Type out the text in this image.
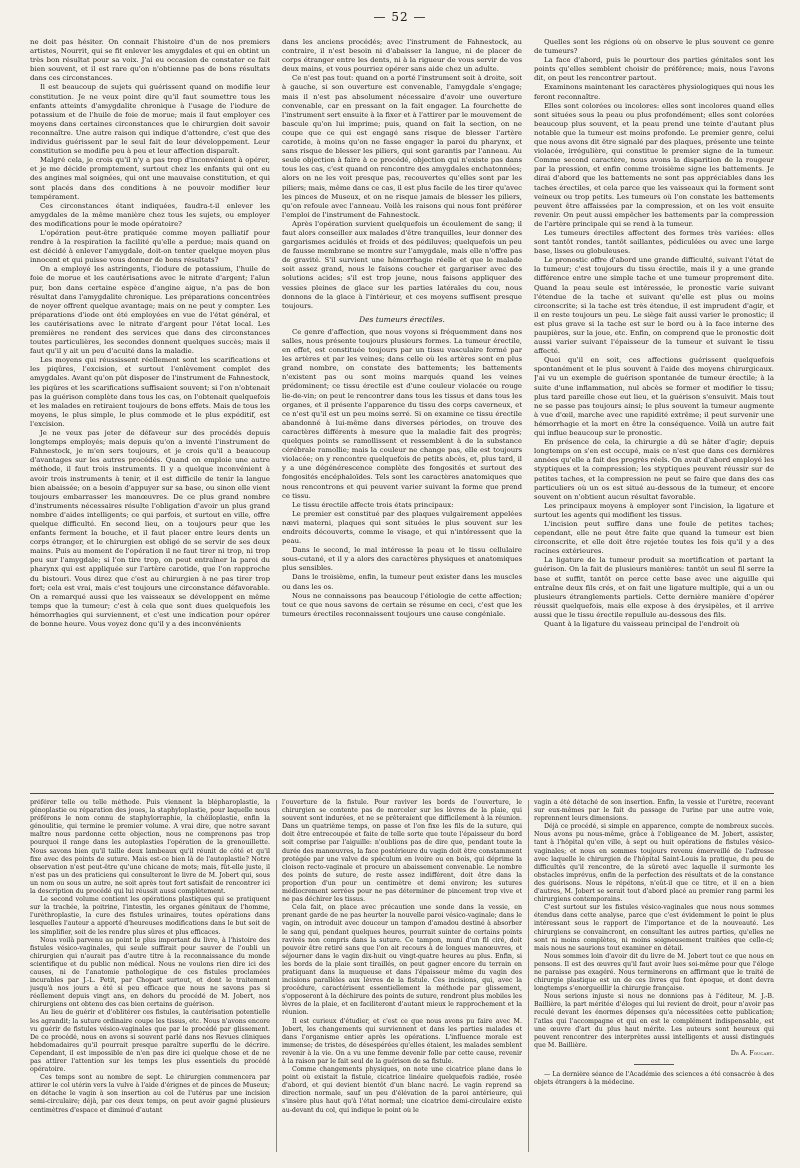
— 52 —

ne doit pas hésiter. On connait l'histoire d'un de nos premiers artistes, Nourrit, qui se fit enlever les amygdales et qui en obtint un très bon résultat pour sa voix. J'ai eu occasion de constater ce fait bien souvent, et il est rare qu'on n'obtienne pas de bons résultats dans ces circonstances.

Il est beaucoup de sujets qui guérissent quand on modifie leur constitution. Je ne veux point dire qu'il faut soumettre tous les enfants atteints d'amygdalite chronique à l'usage de l'iodure de potassium et de l'huile de foie de morue; mais il faut employer ces moyens dans certaines circonstances que le chirurgien doit savoir reconnaître. Une autre raison qui indique d'attendre, c'est que des individus guérissent par le seul fait de leur développement. Leur constitution se modifie peu à peu et leur affection disparaît.

Malgré cela, je crois qu'il n'y a pas trop d'inconvénient à opérer, et je me décide promptement, surtout chez les enfants qui ont eu des angines mal soignées, qui ont une mauvaise constitution, et qui sont placés dans des conditions à ne pouvoir modifier leur tempérament.

Ces circonstances étant indiquées, faudra-t-il enlever les amygdales de la même manière chez tous les sujets, ou employer des modifications pour le mode opératoire?

L'opération peut-être pratiquée comme moyen palliatif pour rendre à la respiration la facilité qu'elle a perdue; mais quand on est décidé à enlever l'amygdale, doit-on tenter quelque moyen plus innocent et qui puisse vous donner de bons résultats?

On a employé les astringents, l'iodure de potassium, l'huile de foie de morue et les cautérisations avec le nitrate d'argent; l'alun pur, bon dans certaine espèce d'angine aigue, n'a pas de bon résultat dans l'amygdalite chronique. Les préparations concentrées de noyer offrent quelque avantage; mais on ne peut y compter. Les préparations d'iode ont été employées en vue de l'état général, et les cautérisations avec le nitrate d'argent pour l'état local. Les premières ne rendent des services que dans des circonstances toutes particulières, les secondes donnent quelques succès; mais il faut qu'il y ait un peu d'acuité dans la maladie.

Les moyens qui réussissent réellement sont les scarifications et les piqûres, l'excision, et surtout l'enlèvement complet des amygdales. Avant qu'on pût disposer de l'instrument de Fahnestock, les piqûres et les scarifications suffisaient souvent; si l'on n'obtenait pas la guérison complète dans tous les cas, on l'obtenait quelquefois et les malades en retiraient toujours de bons effets. Mais de tous les moyens, le plus simple, le plus commode et le plus expéditif, est l'excision.

Je ne veux pas jeter de défaveur sur des procédés depuis longtemps employés; mais depuis qu'on a inventé l'instrument de Fahnestock, je m'en sers toujours, et je crois qu'il a beaucoup d'avantages sur les autres procédés. Quand on emploie une autre méthode, il faut trois instruments. Il y a quelque inconvénient à avoir trois instruments à tenir, et il est difficile de tenir la langue bien abaissée; on a besoin d'appuyer sur sa base, ou sinon elle vient toujours embarrasser les manœuvres. De ce plus grand nombre d'instruments nécessaires résulte l'obligation d'avoir un plus grand nombre d'aides intelligents; ce qui parfois, et surtout en ville, offre quelque difficulté. En second lieu, on a toujours peur que les enfants ferment la bouche, et il faut placer entre leurs dents un corps étranger, et le chirurgien est obligé de se servir de ses deux mains. Puis au moment de l'opération il ne faut tirer ni trop, ni trop peu sur l'amygdale; si l'on tire trop, on peut entraîner la paroi du pharynx qui est appliquée sur l'artère carotide, que l'on rapproche du bistouri. Vous direz que c'est au chirurgien à ne pas tirer trop fort; cela est vrai, mais c'est toujours une circonstance défavorable. On a remarqué aussi que les vaisseaux se développent en même temps que la tumeur; c'est à cela que sont dues quelquefois les hémorrhagies qui surviennent, et c'est une indication pour opérer de bonne heure. Vous voyez donc qu'il y a des inconvénients

dans les anciens procédés; avec l'instrument de Fahnestock, au contraire, il n'est besoin ni d'abaisser la langue, ni de placer de corps étranger entre les dents, ni à la rigueur de vous servir de vos deux mains, et vous pourriez opérer sans aide chez un adulte.

Ce n'est pas tout: quand on a porté l'instrument soit à droite, soit à gauche, si son ouverture est convenable, l'amygdale s'engage; mais il n'est pas absolument nécessaire d'avoir une ouverture convenable, car en pressant on la fait engager. La fourchette de l'instrument sert ensuite à la fixer et à l'attirer par le mouvement de bascule qu'on lui imprime; puis, quand on fait la section, on ne coupe que ce qui est engagé sans risque de blesser l'artère carotide, à moins qu'on ne fasse engager la paroi du pharynx, et sans risque de blesser les piliers, qui sont garantis par l'anneau. Au seule objection à faire à ce procédé, objection qui n'existe pas dans tous les cas, c'est quand on rencontre des amygdales enchatonnées; alors on ne les voit presque pas, recouvertes qu'elles sont par les piliers; mais, même dans ce cas, il est plus facile de les tirer qu'avec les pinces de Museux, et on ne risque jamais de blesser les piliers, qu'on refoule avec l'anneau. Voilà les raisons qui nous font préférer l'emploi de l'instrument de Fahnestock.

Après l'opération survient quelquefois un écoulement de sang; il faut alors conseiller aux malades d'être tranquilles, leur donner des gargarismes acidulés et froids et des pédiluves; quelquefois un peu de fausse membrane se montre sur l'amygdale, mais elle n'offre pas de gravité. S'il survient une hémorrhagie réelle et que le malade soit assez grand, nous le faisons coucher et gargariser avec des solutions acides; s'il est trop jeune, nous faisons appliquer des vessies pleines de glace sur les parties latérales du cou, nous donnons de la glace à l'intérieur, et ces moyens suffisent presque toujours.

Des tumeurs érectiles.

Ce genre d'affection, que nous voyons si fréquemment dans nos salles, nous présente toujours plusieurs formes. La tumeur érectile, en effet, est constituée toujours par un tissu vasculaire formé par les artères et par les veines; dans celle où les artères sont en plus grand nombre, on constate des battements; les battements n'existent pas ou sont moins marqués quand les veines prédominent; ce tissu érectile est d'une couleur violacée ou rouge lie-de-vin; on peut le rencontrer dans tous les tissus et dans tous les organes, et il présente l'apparence du tissu des corps caverneux, et ce n'est qu'il est un peu moins serré. Si on examine ce tissu érectile abandonné à lui-même dans diverses périodes, on trouve des caractères différents à mesure que la maladie fait des progrès; quelques points se ramollissent et ressemblent à de la substance cérébrale ramollie; mais la couleur ne change pas, elle est toujours violacée; on y rencontre quelquefois de petits abcès, et, plus tard, il y a une dégénérescence complète des fongosités et surtout des fongosités encéphaloïdes. Tels sont les caractères anatomiques que nous rencontrons et qui peuvent varier suivant la forme que prend ce tissu.

Le tissu érectile affecte trois états principaux:

Le premier est constitué par des plaques vulgairement appelées nævi materni, plaques qui sont situées le plus souvent sur les endroits découverts, comme le visage, et qui n'intéressent que la peau.

Dans le second, le mal intéresse la peau et le tissu cellulaire sous-cutané, et il y a alors des caractères physiques et anatomiques plus sensibles.

Dans le troisième, enfin, la tumeur peut exister dans les muscles ou dans les os.

Nous ne connaissons pas beaucoup l'étiologie de cette affection; tout ce que nous savons de certain se résume en ceci, c'est que les tumeurs érectiles reconnaissent toujours une cause congéniale.

Quelles sont les régions où on observe le plus souvent ce genre de tumeurs?

La face d'abord, puis le pourtour des parties génitales sont les points qu'elles semblent choisir de préférence; mais, nous l'avons dit, on peut les rencontrer partout.

Examinons maintenant les caractères physiologiques qui nous les feront reconnaître.

Elles sont colorées ou incolores: elles sont incolores quand elles sont situées sous la peau ou plus profondément; elles sont colorées beaucoup plus souvent, et la peau prend une teinte d'autant plus notable que la tumeur est moins profonde. Le premier genre, celui que nous avons dit être signalé par des plaques, présente une teinte violacée, irrégulière, qui constitue le premier signe de la tumeur. Comme second caractère, nous avons la disparition de la rougeur par la pression, et enfin comme troisième signe les battements. Je dirai d'abord que les battements ne sont pas appréciables dans les taches érectiles, et cela parce que les vaisseaux qui la forment sont veineux ou trop petits. Les tumeurs où l'on constate les battements peuvent être affaissées par la compression, et on les voit ensuite revenir. On peut aussi empêcher les battements par la compression de l'artère principale qui se rend à la tumeur.

Les tumeurs érectiles affectent des formes très variées: elles sont tantôt rondes, tantôt saillantes, pédiculées ou avec une large base, lisses ou globuleuses.

Le pronostic offre d'abord une grande difficulté, suivant l'état de la tumeur; c'est toujours du tissu érectile, mais il y a une grande différence entre une simple tache et une tumeur proprement dite. Quand la peau seule est intéressée, le pronostic varie suivant l'étendue de la tache et suivant qu'elle est plus ou moins circonscrite; si la tache est très étendue, il est imprudent d'agir, et il en reste toujours un peu. Le siège fait aussi varier le pronostic; il est plus grave si la tache est sur le bord ou à la face interne des paupières, sur la joue, etc. Enfin, on comprend que le pronostic doit aussi varier suivant l'épaisseur de la tumeur et suivant le tissu affecté.

Quoi qu'il en soit, ces affections guérissent quelquefois spontanément et le plus souvent à l'aide des moyens chirurgicaux. J'ai vu un exemple de guérison spontanée de tumeur érectile; à la suite d'une inflammation, nul abcès se former et modifier le tissu; plus tard pareille chose eut lieu, et la guérison s'ensuivit. Mais tout ne se passe pas toujours ainsi; le plus souvent la tumeur augmente à vue d'œil, marche avec une rapidité extrême; il peut survenir une hémorrhagie et la mort en être la conséquence. Voilà un autre fait qui influe beaucoup sur le pronostic.

En présence de cela, la chirurgie a dû se hâter d'agir; depuis longtemps on s'en est occupé, mais ce n'est que dans ces dernières années qu'elle a fait des progrès réels. On avait d'abord employé les styptiques et la compression; les styptiques peuvent réussir sur de petites taches, et la compression ne peut se faire que dans des cas particuliers où un os est situé au-dessous de la tumeur, et encore souvent on n'obtient aucun résultat favorable.

Les principaux moyens à employer sont l'incision, la ligature et surtout les agents qui modifient les tissus.

L'incision peut suffire dans une foule de petites taches; cependant, elle ne peut être faite que quand la tumeur est bien circonscrite, et elle doit être rejetée toutes les fois qu'il y a des racines extérieures.

La ligature de la tumeur produit sa mortification et partant la guérison. On la fait de plusieurs manières: tantôt un seul fil serre la base et suffit, tantôt on perce cette base avec une aiguille qui entraîne deux fils crés, et on fait une ligature multiple, qui a un ou plusieurs étranglements partiels. Cette dernière manière d'opérer réussit quelquefois, mais elle expose à des érysipèles, et il arrive aussi que le tissu érectile repullule au-dessous des fils.

Quant à la ligature du vaisseau principal de l'endroit où

préférer telle ou telle méthode. Puis viennent la blépharoplastie, la génoplastie ou réparation des joues, la staphyloplastie, pour laquelle nous préférons le nom connu de staphylorraphie, la chéiloplastie, enfin la génoulitie, qui termine le premier volume. A vrai dire, que notre savant maître nous pardonne cette objection, nous ne comprenons pas trop pourquoi il range dans les autoplasties l'opération de la grenouillette. Nous savons bien qu'il taille deux lambeaux qu'il réunit de côté et qu'il fixe avec des points de suture. Mais est-ce bien là de l'autoplastie? Notre observation n'est peut-être qu'une chicane de mots; mais, fût-elle juste, il n'est pas un des praticiens qui consulteront le livre de M. Jobert qui, sous un nom ou sous un autre, ne soit après tout fort satisfait de rencontrer ici la description du procédé qui lui réussit aussi complètement.

Le second volume contient les opérations plastiques qui se pratiquent sur la trachée, la poitrine, l'intestin, les organes génitaux de l'homme, l'urèthroplastie, la cure des fistules urinaires, toutes opérations dans lesquelles l'auteur a apporté d'heureuses modifications dans le but soit de les simplifier, soit de les rendre plus sûres et plus efficaces.

Nous voilà parvenu au point le plus important du livre, à l'histoire des fistules vésico-vaginales, qui seule suffirait pour sauver de l'oubli un chirurgien qui n'aurait pas d'autre titre à la reconnaissance du monde scientifique et du public non médical. Nous ne voulons rien dire ici des causes, ni de l'anatomie pathologique de ces fistules proclamées incurables par J.-L. Petit, par Chopart surtout, et dont le traitement jusqu'à nos jours a été si peu efficace que nous ne savons pas si réellement depuis vingt ans, en dehors du procédé de M. Jobert, nos chirurgiens ont obtenu des cas bien certains de guérison.

Au lieu de guérir et d'oblitérer ces fistules, la cautérisation potentielle les agrandit; la suture ordinaire coupe les tissus, etc. Nous n'avons encore vu guérir de fistules vésico-vaginales que par le procédé par glissement. De ce procédé, nous en avons si souvent parlé dans nos Revues cliniques hebdomadaires qu'il pourrait presque paraître superflu de le décrire. Cependant, il est impossible de n'en pas dire ici quelque chose et de ne pas attirer l'attention sur les temps les plus essentiels du procédé opératoire.

Ces temps sont au nombre de sept. Le chirurgien commencera par attirer le col utérin vers la vulve à l'aide d'érignes et de pinces de Museux; en détache le vagin à son insertion au col de l'utérus par une incision semi-circulaire; déjà, par ces deux temps, on peut avoir gagné plusieurs centimètres d'espace et diminué d'autant

l'ouverture de la fistule. Pour raviver les bords de l'ouverture, le chirurgien se contente pas de morceler sur les lèvres de la plaie, qui souvent sont indurées, et ne se prêteraient que difficilement à la réunion. Dans un quatrième temps, on passe et l'on fixe les fils de la suture, qui doit être entrecoupée et faite de telle sorte que toute l'épaisseur du bord soit comprise par l'aiguille: n'oublions pas de dire que, pendant toute la durée des manœuvres, la face postérieure du vagin doit être constamment protégée par une valve de spéculum en ivoire ou en bois, qui déprime la cloison recto-vaginale et procure un abaissement convenable. Le nombre des points de suture, de reste assez indifférent, doit être dans la proportion d'un pour un centimètre et demi environ; les sutures médiocrement serrées pour ne pas déterminer de pincement trop vive et ne pas déchirer les tissus.

Cela fait, on place avec précaution une sonde dans la vessie, en prenant garde de ne pas heurter la nouvelle paroi vésico-vaginale; dans le vagin, on introduit avec douceur un tampon d'amadou destiné à absorber le sang qui, pendant quelques heures, pourrait suinter de certains points ravivés non compris dans la suture. Ce tampon, muni d'un fil ciré, doit pouvoir être retiré sans que l'on ait recours à de longues manœuvres, et séjourner dans le vagin dix-huit ou vingt-quatre heures au plus. Enfin, si les bords de la plaie sont tiraillés, on peut gagner encore du terrain en pratiquant dans la muqueuse et dans l'épaisseur même du vagin des incisions parallèles aux lèvres de la fistule. Ces incisions, qui, avec la procédure, caractérisent essentiellement la méthode par glissement, s'opposeront à la déchirure des points de suture, rendront plus mobiles les lèvres de la plaie, et en faciliteront d'autant mieux le rapprochement et la réunion.

Il est curieux d'étudier, et c'est ce que nous avons pu faire avec M. Jobert, les changements qui surviennent et dans les parties malades et dans l'organisme entier après les opérations. L'influence morale est immense; de tristes, de désespérées qu'elles étaient, les malades semblent revenir à la vie. On a vu une femme devenir folle par cette cause, revenir à la raison par le fait seul de la guérison de sa fistule.

Comme changements physiques, on note une cicatrice plane dans le point où existait la fistule, cicatrice linéaire quelquefois radiée, rosée d'abord, et qui devient bientôt d'un blanc nacré. Le vagin reprend sa direction normale, sauf un peu d'élévation de la paroi antérieure, qui s'insère plus haut qu'à l'état normal; une cicatrice demi-circulaire existe au-devant du col, qui indique le point où le

vagin a été détaché de son insertion. Enfin, la vessie et l'urètre, recevant sur eux-mêmes par le fait du passage de l'urine par une autre voie, reprennent leurs dimensions.

Déjà ce procédé, si simple en apparence, compte de nombreux succès. Nous avons pu nous-même, grâce à l'obligeance de M. Jobert, assister, tant à l'hôpital qu'en ville, à sept ou huit opérations de fistules vésico-vaginales; et nous en sommes toujours revenu émerveillé de l'adresse avec laquelle le chirurgien de l'hôpital Saint-Louis la pratique, du peu de difficultés qu'il rencontre, de la sûreté avec laquelle il surmonte les obstacles imprévus, enfin de la perfection des résultats et de la constance des guérisons. Nous le répétons, n'eût-il que ce titre, et il en a bien d'autres, M. Jobert se serait tout d'abord placé au premier rang parmi les chirurgiens contemporains.

C'est surtout sur les fistules vésico-vaginales que nous nous sommes étendus dans cette analyse, parce que c'est évidemment le point le plus intéressant sous le rapport de l'importance et de la nouveauté. Les chirurgiens se convaincront, en consultant les autres parties, qu'elles ne sont ni moins complètes, ni moins soigneusement traitées que celle-ci; mais nous ne saurions tout examiner en détail.

Nous sommes loin d'avoir dit du livre de M. Jobert tout ce que nous en pensons. Il est des œuvres qu'il faut avoir lues soi-même pour que l'éloge ne paraisse pas exagéré. Nous terminerons en affirmant que le traité de chirurgie plastique est un de ces livres qui font époque, et dont devra longtemps s'enorgueillir la chirurgie française.

Nous serions injuste si nous ne donnions pas à l'éditeur, M. J.-B. Baillière, la part méritée d'éloges qui lui revient de droit, pour n'avoir pas reculé devant les énormes dépenses qu'a nécessitées cette publication; l'atlas qui l'accompagne et qui en est le complément indispensable, est une œuvre d'art du plus haut mérite. Les auteurs sont heureux qui peuvent rencontrer des interprètes aussi intelligents et aussi distingués que M. Baillière.

Dr A. Foucart.

— La dernière séance de l'Académie des sciences a été consacrée à des objets étrangers à la médecine.
